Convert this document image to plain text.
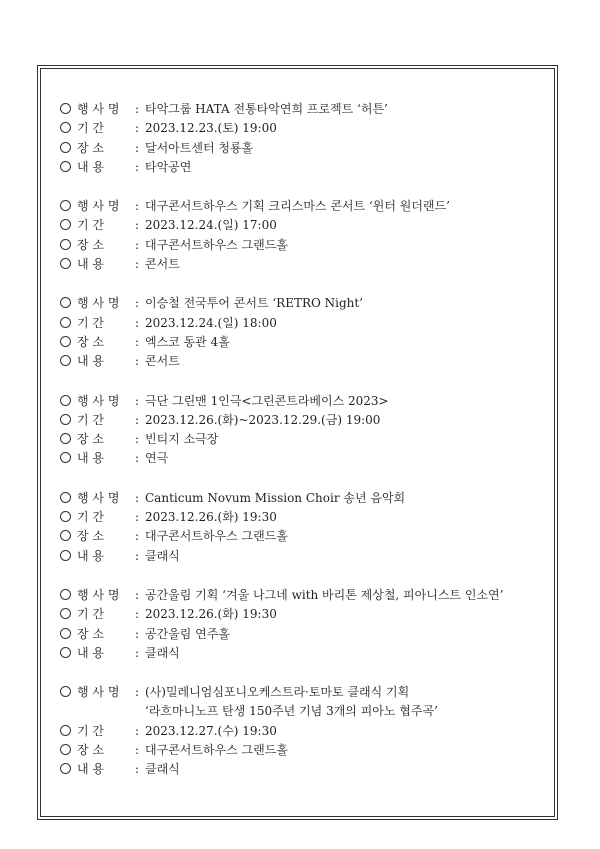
행 사 명 : 타악그룹 HATA 전통타악연희 프로젝트 ‘허튼’
기 간	: 2023.12.23.(토) 19:00
장 소	: 달서아트센터 청룡홀
내 용	: 타악공연
행 사 명 : 대구콘서트하우스 기획 크리스마스 콘서트 ‘윈터 원더랜드’
기 간	: 2023.12.24.(일) 17:00
장 소	: 대구콘서트하우스 그랜드홀
내 용	: 콘서트
행 사 명 : 이승철 전국투어 콘서트 ‘RETRO Night’
기 간	: 2023.12.24.(일) 18:00
장 소	: 엑스코 동관 4홀
내 용	: 콘서트
행 사 명 : 극단 그린맨 1인극<그린콘트라베이스 2023>
기 간	: 2023.12.26.(화)~2023.12.29.(금) 19:00
장 소	: 빈티지 소극장
내 용	: 연극
행 사 명 : Canticum Novum Mission Choir 송년 음악회
기 간	: 2023.12.26.(화) 19:30
장 소	: 대구콘서트하우스 그랜드홀
내 용	: 클래식
행 사 명 : 공간울림 기획 ‘겨울 나그네 with 바리톤 제상철, 피아니스트 인소연’
기 간	: 2023.12.26.(화) 19:30
장 소	: 공간울림 연주홀
내 용	: 클래식
행 사 명 : (사)밀레니엄심포니오케스트라·토마토 클래식 기획
‘라흐마니노프 탄생 150주년 기념 3개의 피아노 협주곡’
기 간	: 2023.12.27.(수) 19:30
장 소	: 대구콘서트하우스 그랜드홀
내 용	: 클래식
